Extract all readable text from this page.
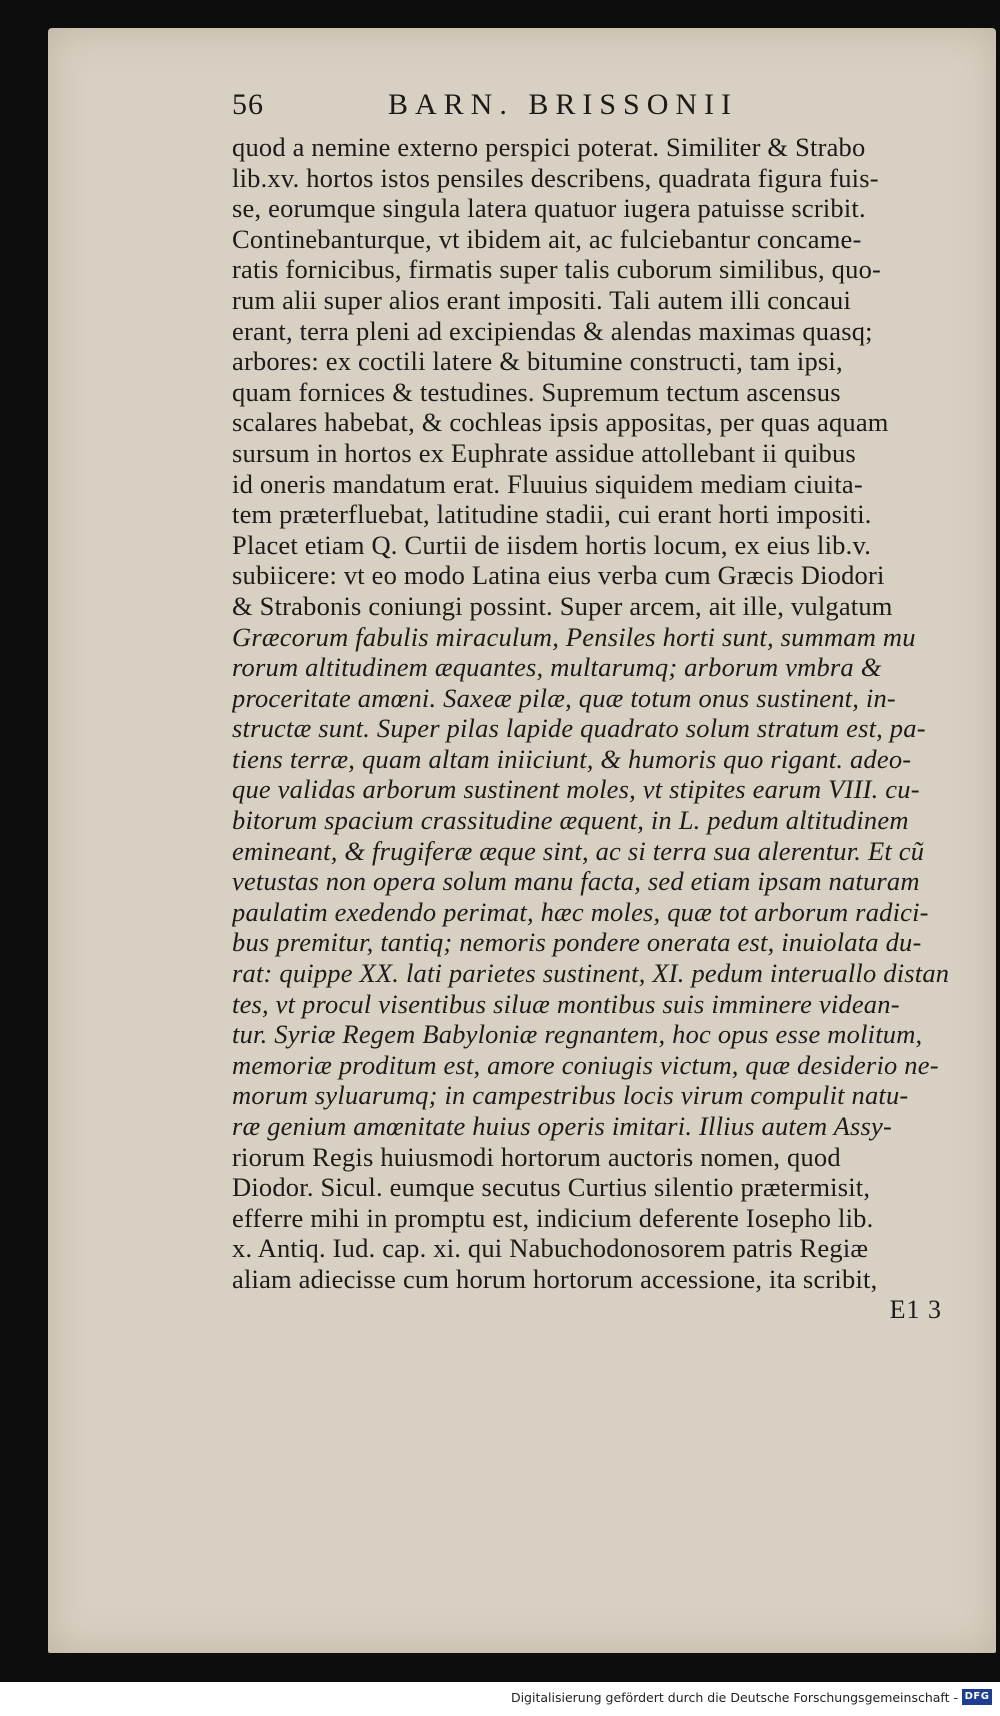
56	BARN. BRISSONII
quod a nemine externo perspici poterat. Similiter & Strabo
lib.xv. hortos istos pensiles describens, quadrata figura fuis-
se, eorumque singula latera quatuor iugera patuisse scribit.
Continebanturque, vt ibidem ait, ac fulciebantur concame-
ratis fornicibus, firmatis super talis cuborum similibus, quo-
rum alii super alios erant impositi. Tali autem illi concaui
erant, terra pleni ad excipiendas & alendas maximas quasq;
arbores: ex coctili latere & bitumine constructi, tam ipsi,
quam fornices & testudines. Supremum tectum ascensus
scalares habebat, & cochleas ipsis appositas, per quas aquam
sursum in hortos ex Euphrate assidue attollebant ii quibus
id oneris mandatum erat. Fluuius siquidem mediam ciuita-
tem præterfluebat, latitudine stadii, cui erant horti impositi.
Placet etiam Q. Curtii de iisdem hortis locum, ex eius lib.v.
subiicere: vt eo modo Latina eius verba cum Græcis Diodori
& Strabonis coniungi possint. Super arcem, ait ille, vulgatum
Græcorum fabulis miraculum, Pensiles horti sunt, summam mu
rorum altitudinem æquantes, multarumq; arborum vmbra &
proceritate amœni. Saxeæ pilæ, quæ totum onus sustinent, in-
structæ sunt. Super pilas lapide quadrato solum stratum est, pa-
tiens terræ, quam altam iniiciunt, & humoris quo rigant. adeo-
que validas arborum sustinent moles, vt stipites earum VIII. cu-
bitorum spacium crassitudine æquent, in L. pedum altitudinem
emineant, & frugiferæ æque sint, ac si terra sua alerentur. Et cũ
vetustas non opera solum manu facta, sed etiam ipsam naturam
paulatim exedendo perimat, hæc moles, quæ tot arborum radici-
bus premitur, tantiq; nemoris pondere onerata est, inuiolata du-
rat: quippe XX. lati parietes sustinent, XI. pedum interuallo distan
tes, vt procul visentibus siluæ montibus suis imminere videan-
tur. Syriæ Regem Babyloniæ regnantem, hoc opus esse molitum,
memoriæ proditum est, amore coniugis victum, quæ desiderio ne-
morum syluarumq; in campestribus locis virum compulit natu-
ræ genium amœnitate huius operis imitari. Illius autem Assy-
riorum Regis huiusmodi hortorum auctoris nomen, quod
Diodor. Sicul. eumque secutus Curtius silentio prætermisit,
efferre mihi in promptu est, indicium deferente Iosepho lib.
x. Antiq. Iud. cap. xi. qui Nabuchodonosorem patris Regiæ
aliam adiecisse cum horum hortorum accessione, ita scribit,
E1 3
Digitalisierung gefördert durch die Deutsche Forschungsgemeinschaft - DFG
